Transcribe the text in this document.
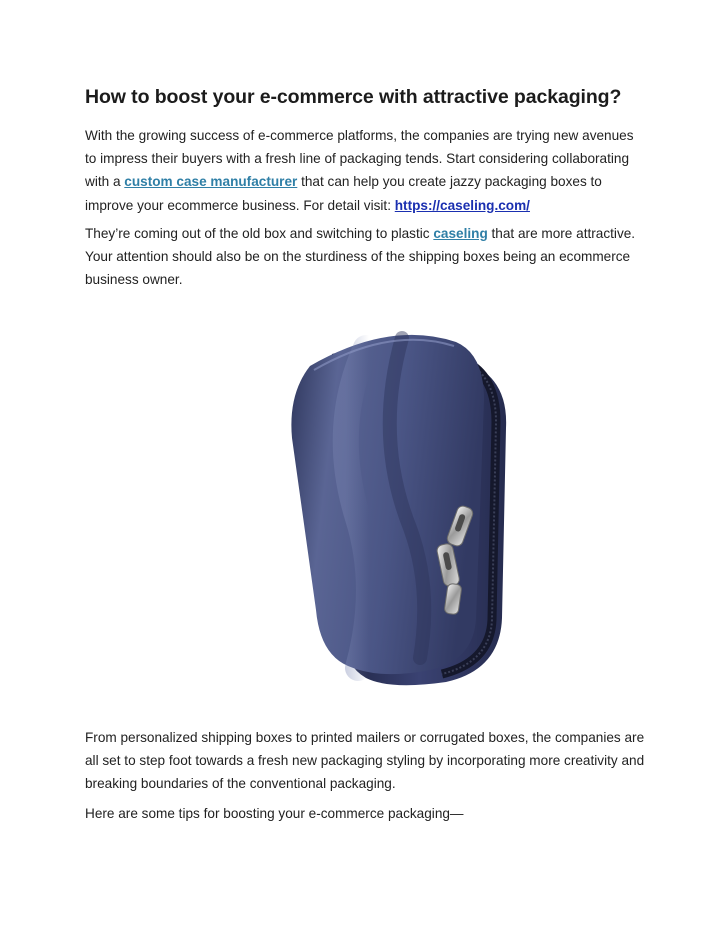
How to boost your e-commerce with attractive packaging?

With the growing success of e-commerce platforms, the companies are trying new avenues to impress their buyers with a fresh line of packaging tends. Start considering collaborating with a custom case manufacturer that can help you create jazzy packaging boxes to improve your ecommerce business. For detail visit: https://caseling.com/

They’re coming out of the old box and switching to plastic caseling that are more attractive. Your attention should also be on the sturdiness of the shipping boxes being an ecommerce business owner.

From personalized shipping boxes to printed mailers or corrugated boxes, the companies are all set to step foot towards a fresh new packaging styling by incorporating more creativity and breaking boundaries of the conventional packaging.

Here are some tips for boosting your e-commerce packaging—
